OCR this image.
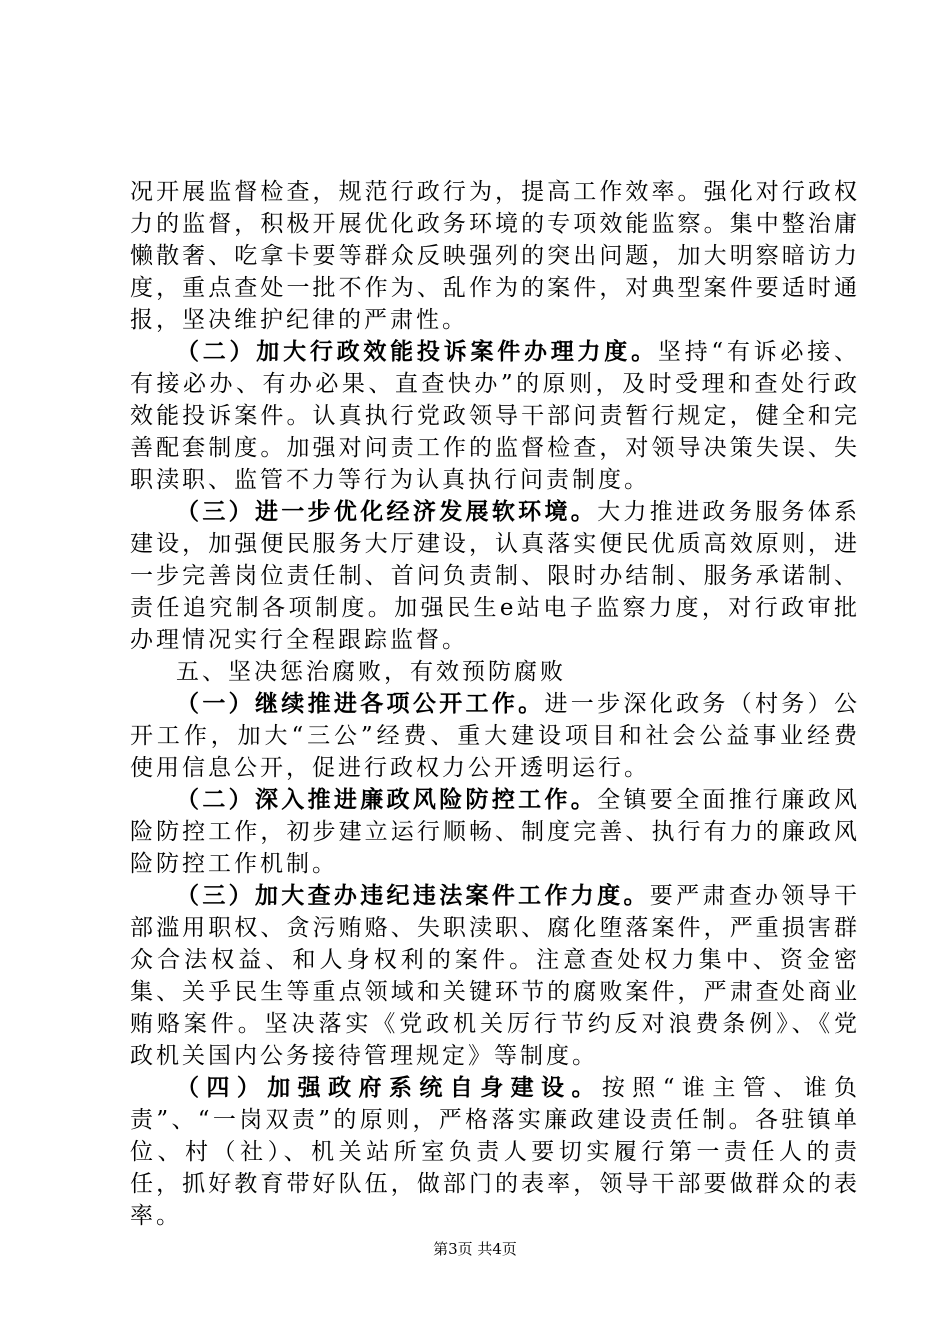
况开展监督检查，规范行政行为，提高工作效率。强化对行政权力的监督，积极开展优化政务环境的专项效能监察。集中整治庸懒散奢、吃拿卡要等群众反映强列的突出问题，加大明察暗访力度，重点查处一批不作为、乱作为的案件，对典型案件要适时通报，坚决维护纪律的严肃性。

（二）加大行政效能投诉案件办理力度。坚持“有诉必接、有接必办、有办必果、直查快办”的原则，及时受理和查处行政效能投诉案件。认真执行党政领导干部问责暂行规定，健全和完善配套制度。加强对问责工作的监督检查，对领导决策失误、失职渎职、监管不力等行为认真执行问责制度。

（三）进一步优化经济发展软环境。大力推进政务服务体系建设，加强便民服务大厅建设，认真落实便民优质高效原则，进一步完善岗位责任制、首问负责制、限时办结制、服务承诺制、责任追究制各项制度。加强民生e站电子监察力度，对行政审批办理情况实行全程跟踪监督。

五、坚决惩治腐败，有效预防腐败

（一）继续推进各项公开工作。进一步深化政务（村务）公开工作，加大“三公”经费、重大建设项目和社会公益事业经费使用信息公开，促进行政权力公开透明运行。

（二）深入推进廉政风险防控工作。全镇要全面推行廉政风险防控工作，初步建立运行顺畅、制度完善、执行有力的廉政风险防控工作机制。

（三）加大查办违纪违法案件工作力度。要严肃查办领导干部滥用职权、贪污贿赂、失职渎职、腐化堕落案件，严重损害群众合法权益、和人身权利的案件。注意查处权力集中、资金密集、关乎民生等重点领域和关键环节的腐败案件，严肃查处商业贿赂案件。坚决落实《党政机关厉行节约反对浪费条例》、《党政机关国内公务接待管理规定》等制度。

（四）加强政府系统自身建设。按照“谁主管、谁负责”、“一岗双责”的原则，严格落实廉政建设责任制。各驻镇单位、村（社）、机关站所室负责人要切实履行第一责任人的责任，抓好教育带好队伍，做部门的表率，领导干部要做群众的表率。

第3页 共4页
